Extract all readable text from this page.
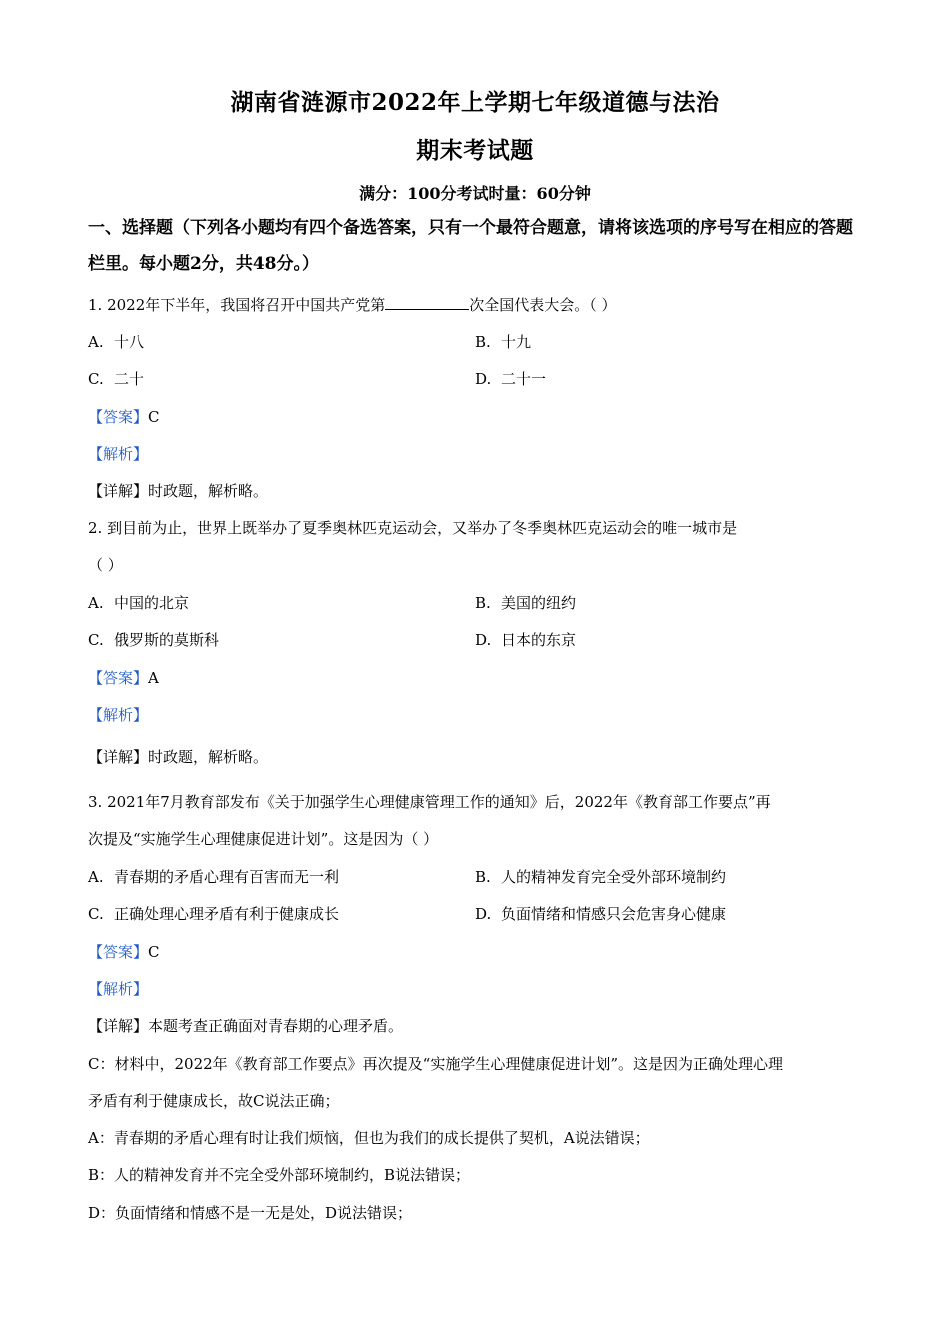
湖南省涟源市2022年上学期七年级道德与法治
期末考试题
满分：100分考试时量：60分钟
一、选择题（下列各小题均有四个备选答案，只有一个最符合题意，请将该选项的序号写在相应的答题栏里。每小题2分，共48分。）
1. 2022年下半年，我国将召开中国共产党第	次全国代表大会。（ ）
A. 十八	B. 十九
C. 二十	D. 二十一
【答案】C
【解析】
【详解】时政题，解析略。
2. 到目前为止，世界上既举办了夏季奥林匹克运动会，又举办了冬季奥林匹克运动会的唯一城市是
（ ）
A. 中国的北京	B. 美国的纽约
C. 俄罗斯的莫斯科	D. 日本的东京
【答案】A
【解析】
【详解】时政题，解析略。
3. 2021年7月教育部发布《关于加强学生心理健康管理工作的通知》后，2022年《教育部工作要点”再
次提及“实施学生心理健康促进计划”。这是因为（ ）
A. 青春期的矛盾心理有百害而无一利	B. 人的精神发育完全受外部环境制约
C. 正确处理心理矛盾有利于健康成长	D. 负面情绪和情感只会危害身心健康
【答案】C
【解析】
【详解】本题考查正确面对青春期的心理矛盾。
C：材料中，2022年《教育部工作要点》再次提及“实施学生心理健康促进计划”。这是因为正确处理心理
矛盾有利于健康成长，故C说法正确；
A：青春期的矛盾心理有时让我们烦恼，但也为我们的成长提供了契机，A说法错误；
B：人的精神发育并不完全受外部环境制约，B说法错误；
D：负面情绪和情感不是一无是处，D说法错误；
